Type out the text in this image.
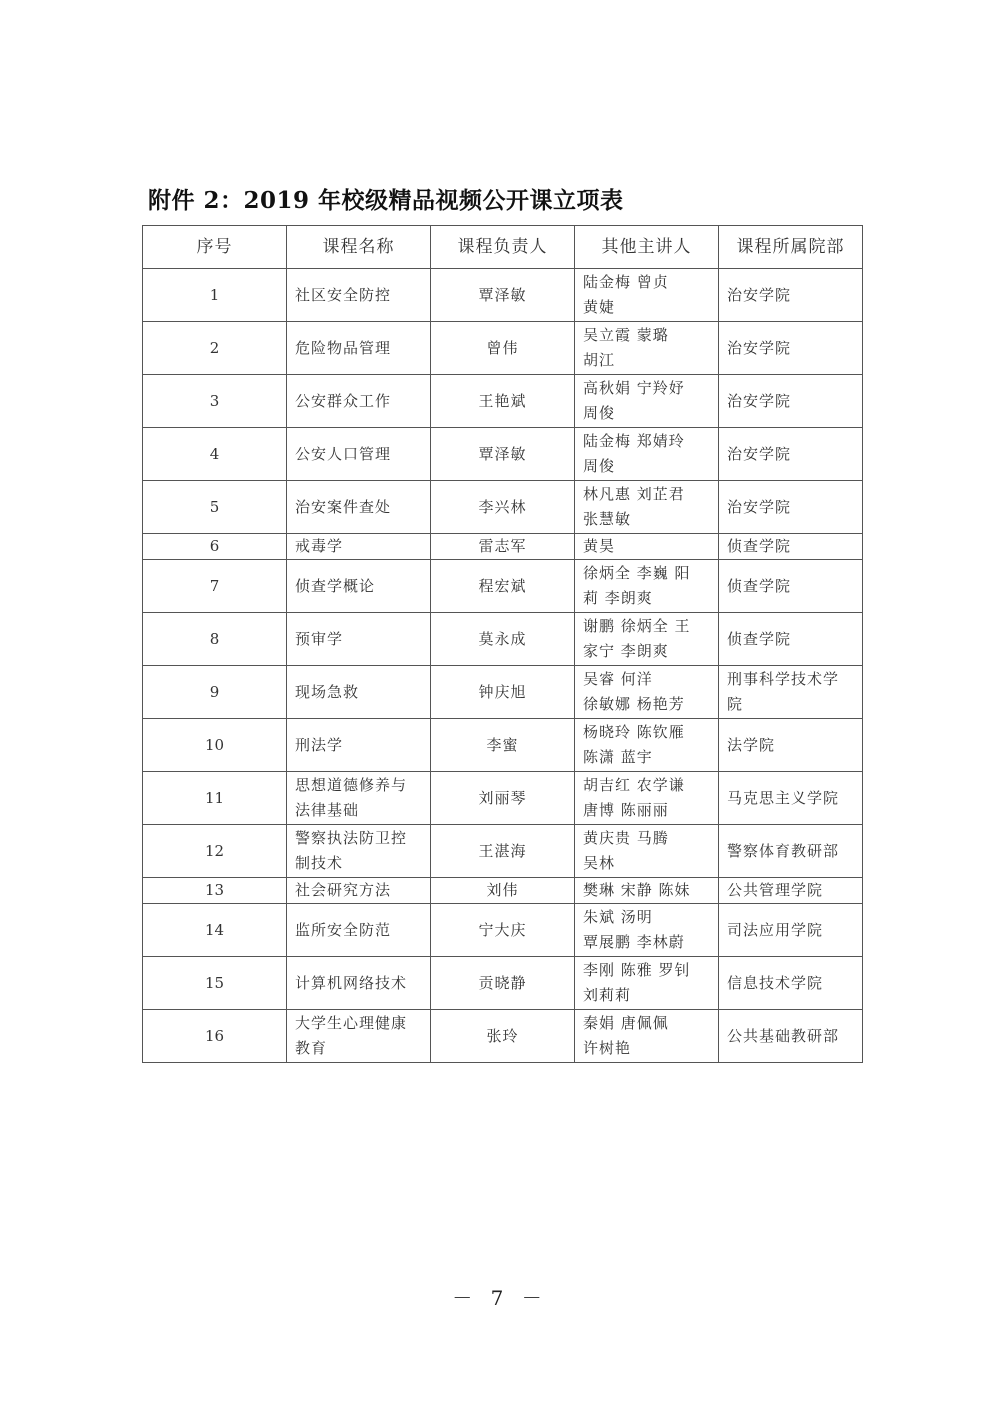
附件 2：2019 年校级精品视频公开课立项表
序号	课程名称	课程负责人	其他主讲人	课程所属院部
1	社区安全防控	覃泽敏	陆金梅 曾贞
黄婕	治安学院

2	危险物品管理	曾伟	吴立霞 蒙璐
胡江	治安学院

3	公安群众工作	王艳斌	高秋娟 宁羚妤
周俊	治安学院

4	公安人口管理	覃泽敏	陆金梅 郑婧玲
周俊	治安学院

5	治安案件查处	李兴林	林凡惠 刘芷君
张慧敏	治安学院

6	戒毒学	雷志军	黄昊	侦查学院

7	侦查学概论	程宏斌	徐炳全 李巍 阳
莉 李朗爽	侦查学院

8	预审学	莫永成	谢鹏 徐炳全 王
家宁 李朗爽	侦查学院

9	现场急救	钟庆旭	吴睿 何洋
徐敏娜 杨艳芳	刑事科学技术学
院

10	刑法学	李蜜	杨晓玲 陈钦雁
陈潇 蓝宇	法学院

11	思想道德修养与
法律基础	刘丽琴	胡吉红 农学谦
唐博 陈丽丽	马克思主义学院

12	警察执法防卫控
制技术	王湛海	黄庆贵 马腾
吴林	警察体育教研部

13	社会研究方法	刘伟	樊琳 宋静 陈妹	公共管理学院

14	监所安全防范	宁大庆	朱斌 汤明
覃展鹏 李林蔚	司法应用学院

15	计算机网络技术	贡晓静	李刚 陈雅 罗钊
刘莉莉	信息技术学院

16	大学生心理健康
教育	张玲	秦娟 唐佩佩
许树艳	公共基础教研部
－ 7 －
